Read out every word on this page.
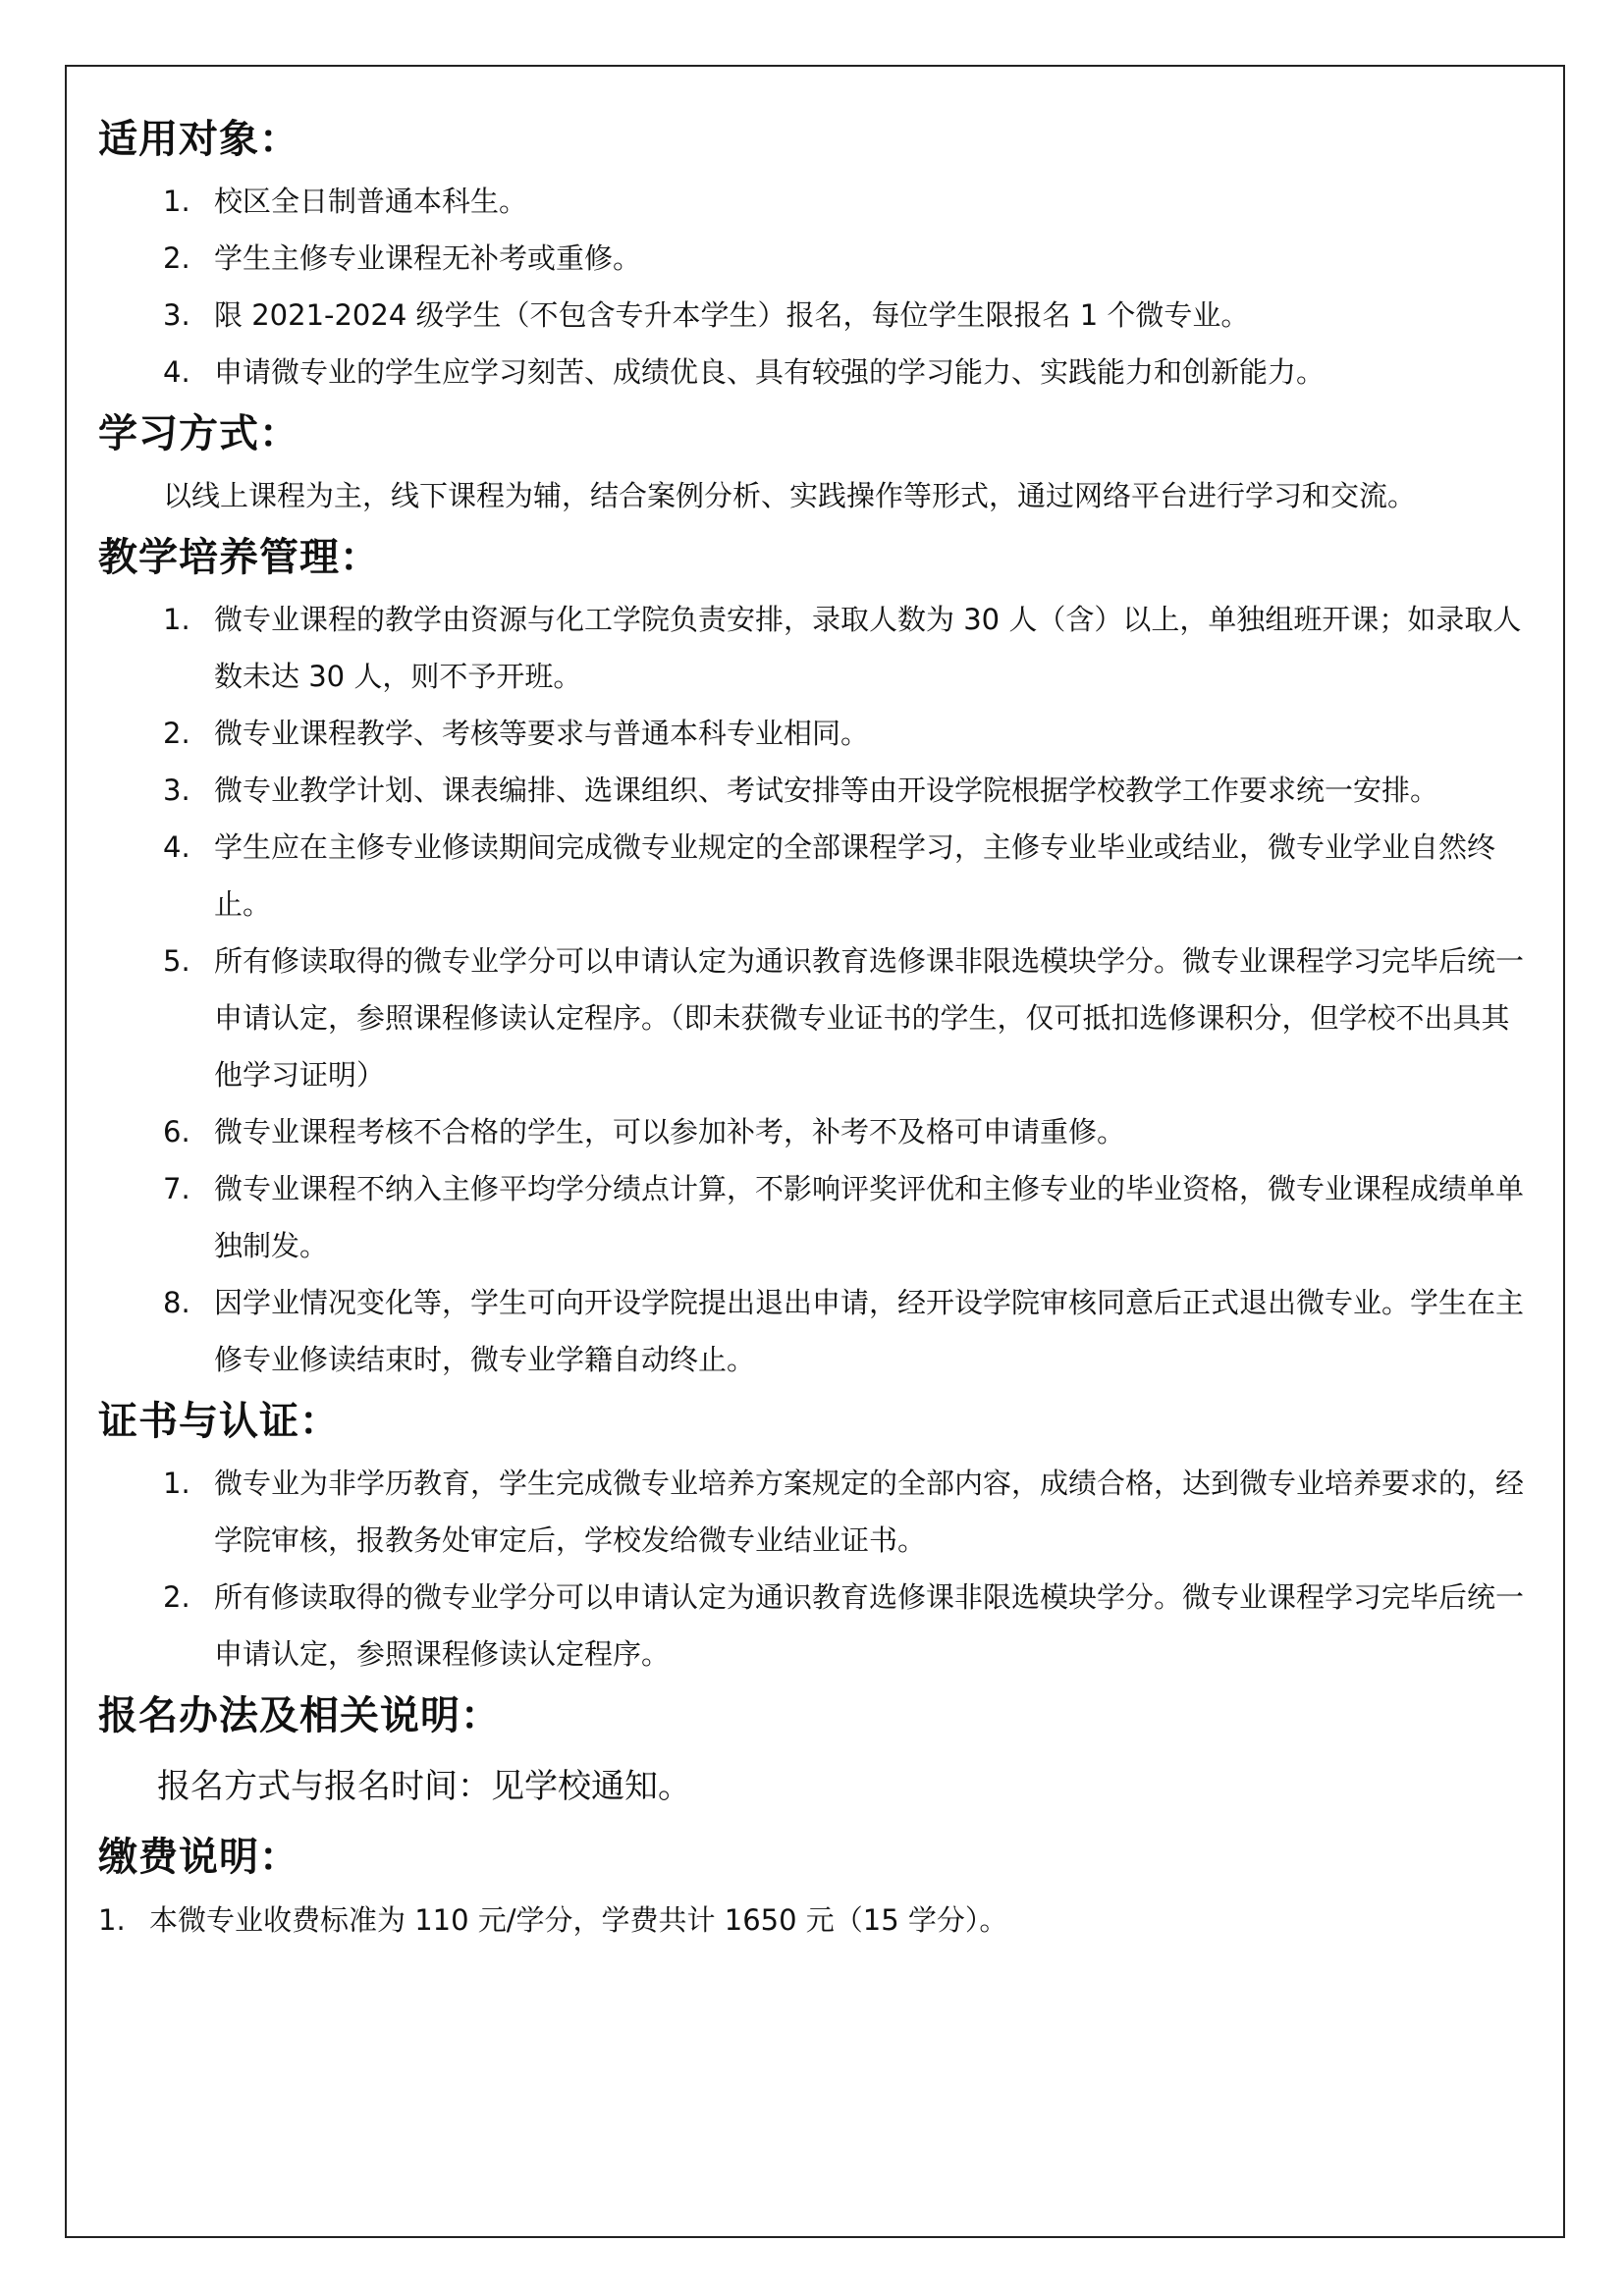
适用对象：
1. 校区全日制普通本科生。
2. 学生主修专业课程无补考或重修。
3. 限 2021-2024 级学生（不包含专升本学生）报名，每位学生限报名 1 个微专业。
4. 申请微专业的学生应学习刻苦、成绩优良、具有较强的学习能力、实践能力和创新能力。
学习方式：

以线上课程为主，线下课程为辅，结合案例分析、实践操作等形式，通过网络平台进行学习和交流。

教学培养管理：
1. 微专业课程的教学由资源与化工学院负责安排，录取人数为 30 人（含）以上，单独组班开课；如录取人数未达 30 人，则不予开班。
2. 微专业课程教学、考核等要求与普通本科专业相同。
3. 微专业教学计划、课表编排、选课组织、考试安排等由开设学院根据学校教学工作要求统一安排。
4. 学生应在主修专业修读期间完成微专业规定的全部课程学习，主修专业毕业或结业，微专业学业自然终止。
5. 所有修读取得的微专业学分可以申请认定为通识教育选修课非限选模块学分。微专业课程学习完毕后统一申请认定，参照课程修读认定程序。（即未获微专业证书的学生，仅可抵扣选修课积分，但学校不出具其他学习证明）
6. 微专业课程考核不合格的学生，可以参加补考，补考不及格可申请重修。
7. 微专业课程不纳入主修平均学分绩点计算，不影响评奖评优和主修专业的毕业资格，微专业课程成绩单单独制发。
8. 因学业情况变化等，学生可向开设学院提出退出申请，经开设学院审核同意后正式退出微专业。学生在主修专业修读结束时，微专业学籍自动终止。
证书与认证：
1. 微专业为非学历教育，学生完成微专业培养方案规定的全部内容，成绩合格，达到微专业培养要求的，经学院审核，报教务处审定后，学校发给微专业结业证书。
2. 所有修读取得的微专业学分可以申请认定为通识教育选修课非限选模块学分。微专业课程学习完毕后统一申请认定，参照课程修读认定程序。
报名办法及相关说明：

报名方式与报名时间：见学校通知。

缴费说明：
1. 本微专业收费标准为 110 元/学分，学费共计 1650 元（15 学分）。
